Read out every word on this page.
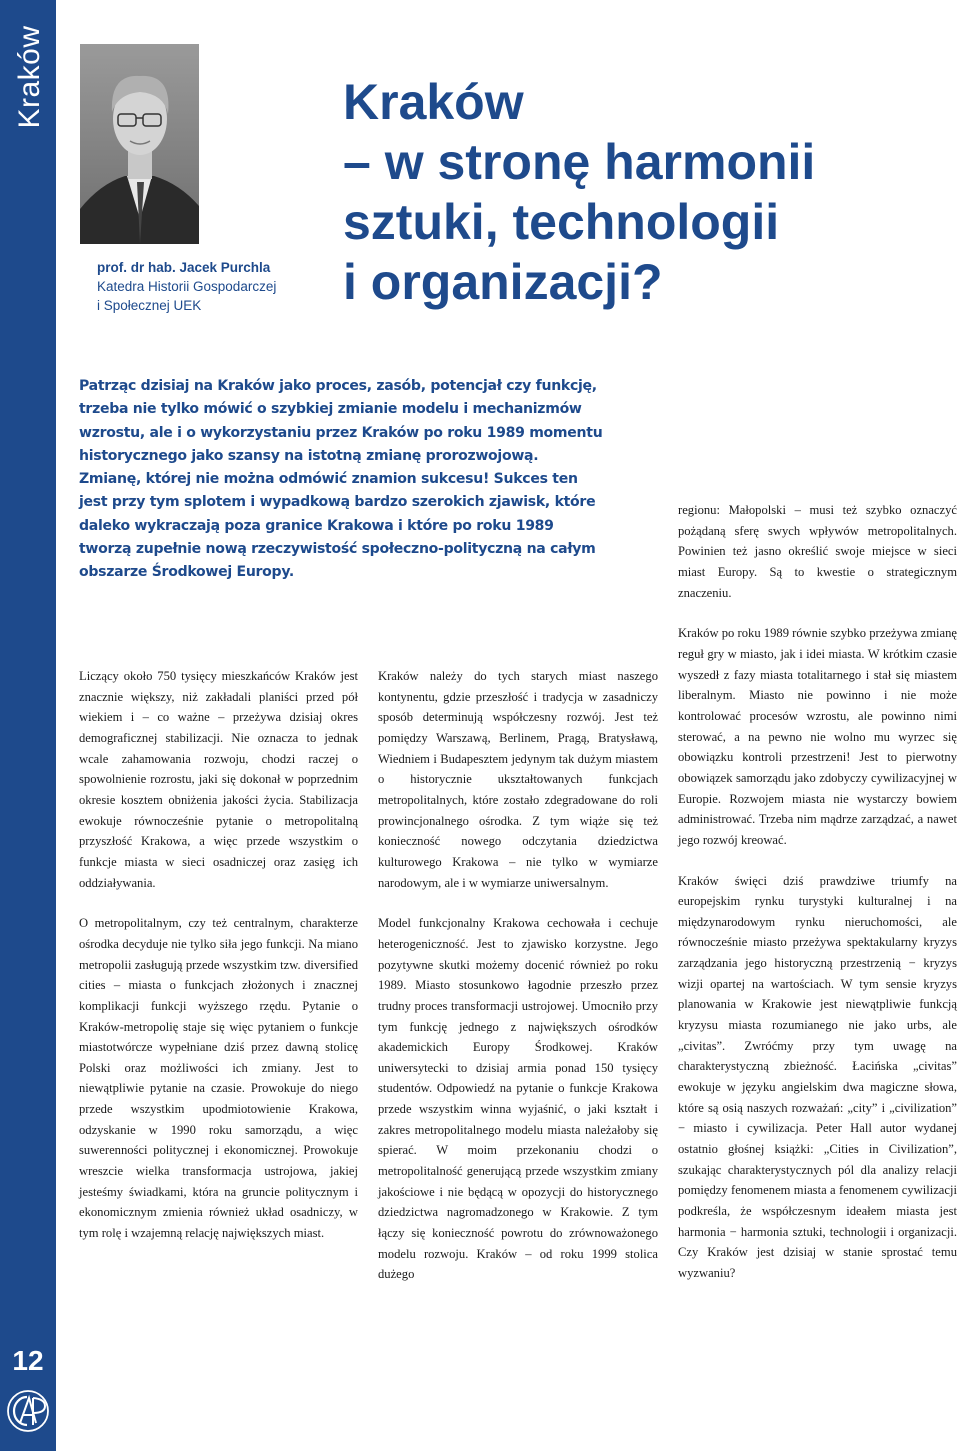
Kraków
12
prof. dr hab. Jacek Purchla
Katedra Historii Gospodarczej
i Społecznej UEK
Kraków
– w stronę harmonii
sztuki, technologii
i organizacji?
Patrząc dzisiaj na Kraków jako proces, zasób, potencjał czy funkcję, trzeba nie tylko mówić o szybkiej zmianie modelu i mechanizmów wzrostu, ale i o wykorzystaniu przez Kraków po roku 1989 momentu historycznego jako szansy na istotną zmianę prorozwojową. Zmianę, której nie można odmówić znamion sukcesu! Sukces ten jest przy tym splotem i wypadkową bardzo szerokich zjawisk, które daleko wykraczają poza granice Krakowa i które po roku 1989 tworzą zupełnie nową rzeczywistość społeczno-polityczną na całym obszarze Środkowej Europy.

Liczący około 750 tysięcy mieszkańców Kraków jest znacznie większy, niż zakładali planiści przed pół wiekiem i – co ważne – przeżywa dzisiaj okres demograficznej stabilizacji. Nie oznacza to jednak wcale zahamowania rozwoju, chodzi raczej o spowolnienie rozrostu, jaki się dokonał w poprzednim okresie kosztem obniżenia jakości życia. Stabilizacja ewokuje równocześnie pytanie o metropolitalną przyszłość Krakowa, a więc przede wszystkim o funkcje miasta w sieci osadniczej oraz zasięg ich oddziaływania.

O metropolitalnym, czy też centralnym, charakterze ośrodka decyduje nie tylko siła jego funkcji. Na miano metropolii zasługują przede wszystkim tzw. diversified cities – miasta o funkcjach złożonych i znacznej komplikacji funkcji wyższego rzędu. Pytanie o Kraków-metropolię staje się więc pytaniem o funkcje miastotwórcze wypełniane dziś przez dawną stolicę Polski oraz możliwości ich zmiany. Jest to niewątpliwie pytanie na czasie. Prowokuje do niego przede wszystkim upodmiotowienie Krakowa, odzyskanie w 1990 roku samorządu, a więc suwerenności politycznej i ekonomicznej. Prowokuje wreszcie wielka transformacja ustrojowa, jakiej jesteśmy świadkami, która na gruncie politycznym i ekonomicznym zmienia również układ osadniczy, w tym rolę i wzajemną relację największych miast.

Kraków należy do tych starych miast naszego kontynentu, gdzie przeszłość i tradycja w zasadniczy sposób determinują współczesny rozwój. Jest też pomiędzy Warszawą, Berlinem, Pragą, Bratysławą, Wiedniem i Budapesztem jedynym tak dużym miastem o historycznie ukształtowanych funkcjach metropolitalnych, które zostało zdegradowane do roli prowincjonalnego ośrodka. Z tym wiąże się też konieczność nowego odczytania dziedzictwa kulturowego Krakowa – nie tylko w wymiarze narodowym, ale i w wymiarze uniwersalnym.

Model funkcjonalny Krakowa cechowała i cechuje heterogeniczność. Jest to zjawisko korzystne. Jego pozytywne skutki możemy docenić również po roku 1989. Miasto stosunkowo łagodnie przeszło przez trudny proces transformacji ustrojowej. Umocniło przy tym funkcję jednego z największych ośrodków akademickich Europy Środkowej. Kraków uniwersytecki to dzisiaj armia ponad 150 tysięcy studentów. Odpowiedź na pytanie o funkcje Krakowa przede wszystkim winna wyjaśnić, o jaki kształt i zakres metropolitalnego modelu miasta należałoby się spierać. W moim przekonaniu chodzi o metropolitalność generującą przede wszystkim zmiany jakościowe i nie będącą w opozycji do historycznego dziedzictwa nagromadzonego w Krakowie. Z tym łączy się konieczność powrotu do zrównoważonego modelu rozwoju. Kraków – od roku 1999 stolica dużego

regionu: Małopolski – musi też szybko oznaczyć pożądaną sferę swych wpływów metropolitalnych. Powinien też jasno określić swoje miejsce w sieci miast Europy. Są to kwestie o strategicznym znaczeniu.

Kraków po roku 1989 równie szybko przeżywa zmianę reguł gry w miasto, jak i idei miasta. W krótkim czasie wyszedł z fazy miasta totalitarnego i stał się miastem liberalnym. Miasto nie powinno i nie może kontrolować procesów wzrostu, ale powinno nimi sterować, a na pewno nie wolno mu wyrzec się obowiązku kontroli przestrzeni! Jest to pierwotny obowiązek samorządu jako zdobyczy cywilizacyjnej w Europie. Rozwojem miasta nie wystarczy bowiem administrować. Trzeba nim mądrze zarządzać, a nawet jego rozwój kreować.

Kraków święci dziś prawdziwe triumfy na europejskim rynku turystyki kulturalnej i na międzynarodowym rynku nieruchomości, ale równocześnie miasto przeżywa spektakularny kryzys zarządzania jego historyczną przestrzenią − kryzys wizji opartej na wartościach. W tym sensie kryzys planowania w Krakowie jest niewątpliwie funkcją kryzysu miasta rozumianego nie jako urbs, ale „civitas”. Zwróćmy przy tym uwagę na charakterystyczną zbieżność. Łacińska „civitas” ewokuje w języku angielskim dwa magiczne słowa, które są osią naszych rozważań: „city” i „civilization” − miasto i cywilizacja. Peter Hall autor wydanej ostatnio głośnej książki: „Cities in Civilization”, szukając charakterystycznych pól dla analizy relacji pomiędzy fenomenem miasta a fenomenem cywilizacji podkreśla, że współczesnym ideałem miasta jest harmonia − harmonia sztuki, technologii i organizacji. Czy Kraków jest dzisiaj w stanie sprostać temu wyzwaniu?
